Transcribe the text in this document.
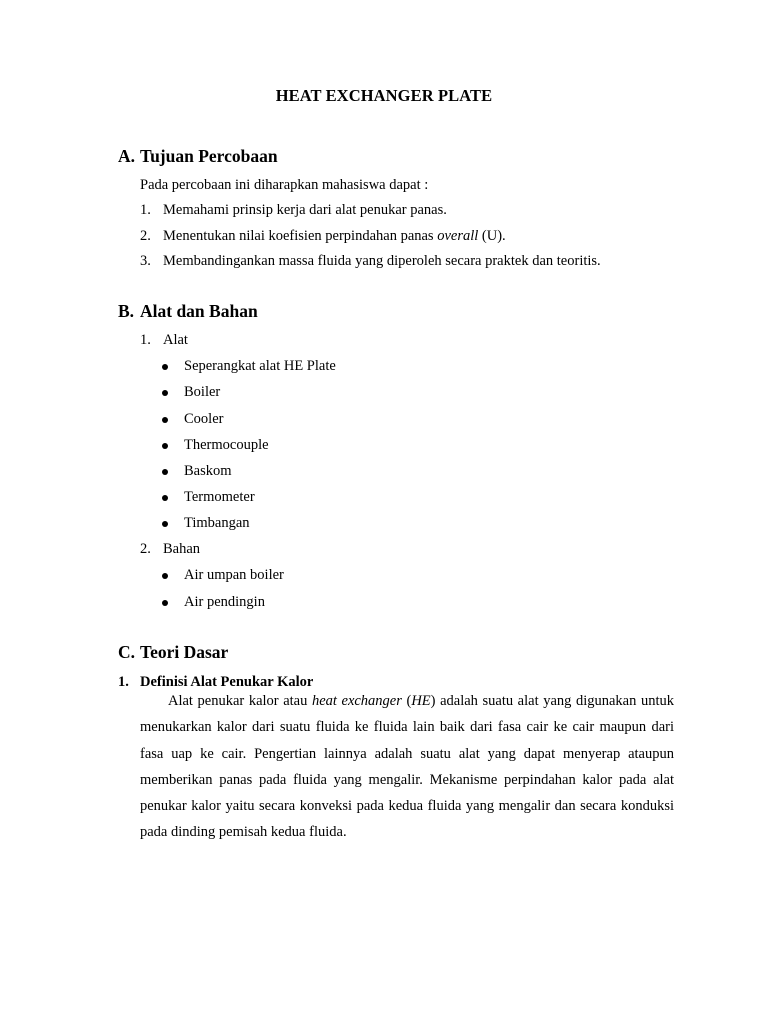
HEAT EXCHANGER PLATE
A. Tujuan Percobaan
Pada percobaan ini diharapkan mahasiswa dapat :
1. Memahami prinsip kerja dari alat penukar panas.
2. Menentukan nilai koefisien perpindahan panas overall (U).
3. Membandingankan massa fluida yang diperoleh secara praktek dan teoritis.
B. Alat dan Bahan
1. Alat
Seperangkat alat HE Plate
Boiler
Cooler
Thermocouple
Baskom
Termometer
Timbangan
2. Bahan
Air umpan boiler
Air pendingin
C. Teori Dasar
1. Definisi Alat Penukar Kalor

Alat penukar kalor atau heat exchanger (HE) adalah suatu alat yang digunakan untuk menukarkan kalor dari suatu fluida ke fluida lain baik dari fasa cair ke cair maupun dari fasa uap ke cair. Pengertian lainnya adalah suatu alat yang dapat menyerap ataupun memberikan panas pada fluida yang mengalir. Mekanisme perpindahan kalor pada alat penukar kalor yaitu secara konveksi pada kedua fluida yang mengalir dan secara konduksi pada dinding pemisah kedua fluida.
